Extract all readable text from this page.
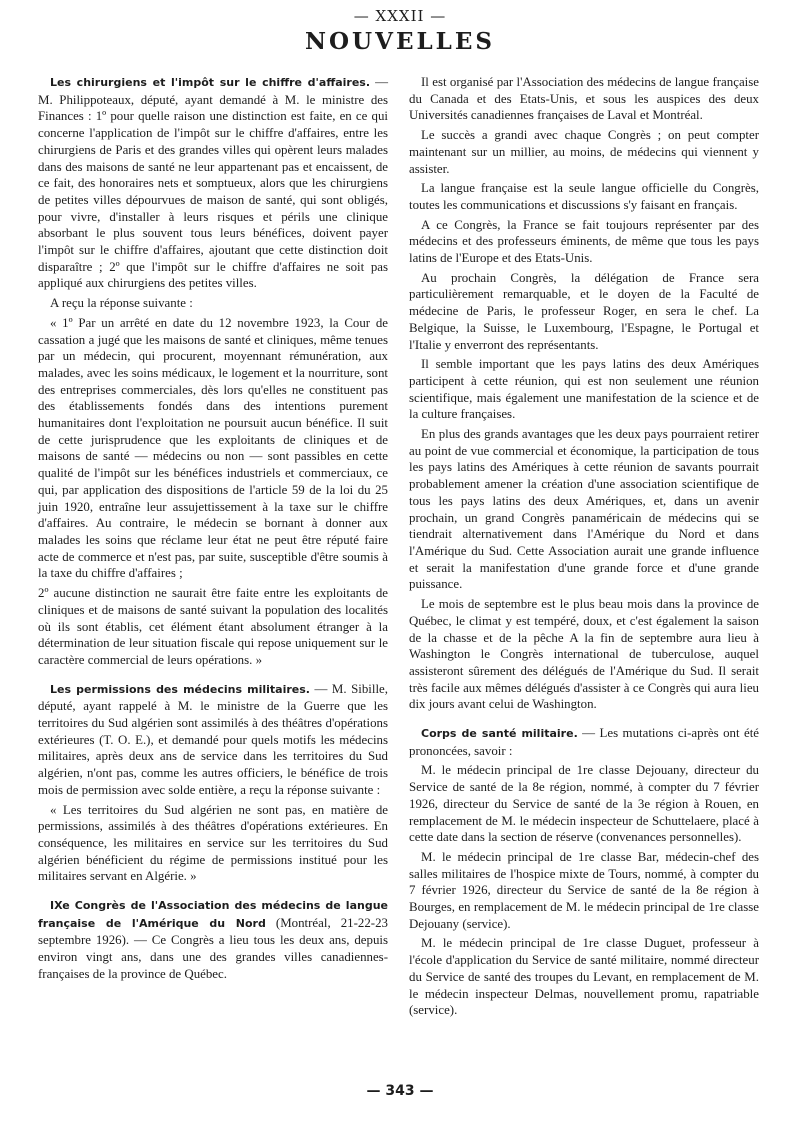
— XXXII —
NOUVELLES

Les chirurgiens et l'impôt sur le chiffre d'affaires. — M. Philippoteaux, député, ayant demandé à M. le ministre des Finances : 1º pour quelle raison une distinction est faite, en ce qui concerne l'application de l'impôt sur le chiffre d'affaires, entre les chirurgiens de Paris et des grandes villes qui opèrent leurs malades dans des maisons de santé ne leur appartenant pas et encaissent, de ce fait, des honoraires nets et somptueux, alors que les chirurgiens de petites villes dépourvues de maison de santé, qui sont obligés, pour vivre, d'installer à leurs risques et périls une clinique absorbant le plus souvent tous leurs bénéfices, doivent payer l'impôt sur le chiffre d'affaires, ajoutant que cette distinction doit disparaître ; 2º que l'impôt sur le chiffre d'affaires ne soit pas appliqué aux chirurgiens des petites villes.

A reçu la réponse suivante :

« 1º Par un arrêté en date du 12 novembre 1923, la Cour de cassation a jugé que les maisons de santé et cliniques, même tenues par un médecin, qui procurent, moyennant rémunération, aux malades, avec les soins médicaux, le logement et la nourriture, sont des entreprises commerciales, dès lors qu'elles ne constituent pas des établissements fondés dans des intentions purement humanitaires dont l'exploitation ne poursuit aucun bénéfice. Il suit de cette jurisprudence que les exploitants de cliniques et de maisons de santé — médecins ou non — sont passibles en cette qualité de l'impôt sur les bénéfices industriels et commerciaux, ce qui, par application des dispositions de l'article 59 de la loi du 25 juin 1920, entraîne leur assujettissement à la taxe sur le chiffre d'affaires. Au contraire, le médecin se bornant à donner aux malades les soins que réclame leur état ne peut être réputé faire acte de commerce et n'est pas, par suite, susceptible d'être soumis à la taxe du chiffre d'affaires ;

2º aucune distinction ne saurait être faite entre les exploitants de cliniques et de maisons de santé suivant la population des localités où ils sont établis, cet élément étant absolument étranger à la détermination de leur situation fiscale qui repose uniquement sur le caractère commercial de leurs opérations. »

Les permissions des médecins militaires. — M. Sibille, député, ayant rappelé à M. le ministre de la Guerre que les territoires du Sud algérien sont assimilés à des théâtres d'opérations extérieures (T. O. E.), et demandé pour quels motifs les médecins militaires, après deux ans de service dans les territoires du Sud algérien, n'ont pas, comme les autres officiers, le bénéfice de trois mois de permission avec solde entière, a reçu la réponse suivante :

« Les territoires du Sud algérien ne sont pas, en matière de permissions, assimilés à des théâtres d'opérations extérieures. En conséquence, les militaires en service sur les territoires du Sud algérien bénéficient du régime de permissions institué pour les militaires servant en Algérie. »

IXe Congrès de l'Association des médecins de langue française de l'Amérique du Nord (Montréal, 21-22-23 septembre 1926). — Ce Congrès a lieu tous les deux ans, depuis environ vingt ans, dans une des grandes villes canadiennes-françaises de la province de Québec.

Il est organisé par l'Association des médecins de langue française du Canada et des Etats-Unis, et sous les auspices des deux Universités canadiennes françaises de Laval et Montréal.

Le succès a grandi avec chaque Congrès ; on peut compter maintenant sur un millier, au moins, de médecins qui viennent y assister.

La langue française est la seule langue officielle du Congrès, toutes les communications et discussions s'y faisant en français.

A ce Congrès, la France se fait toujours représenter par des médecins et des professeurs éminents, de même que tous les pays latins de l'Europe et des Etats-Unis.

Au prochain Congrès, la délégation de France sera particulièrement remarquable, et le doyen de la Faculté de médecine de Paris, le professeur Roger, en sera le chef. La Belgique, la Suisse, le Luxembourg, l'Espagne, le Portugal et l'Italie y enverront des représentants.

Il semble important que les pays latins des deux Amériques participent à cette réunion, qui est non seulement une réunion scientifique, mais également une manifestation de la science et de la culture françaises.

En plus des grands avantages que les deux pays pourraient retirer au point de vue commercial et économique, la participation de tous les pays latins des Amériques à cette réunion de savants pourrait probablement amener la création d'une association scientifique de tous les pays latins des deux Amériques, et, dans un avenir prochain, un grand Congrès panaméricain de médecins qui se tiendrait alternativement dans l'Amérique du Nord et dans l'Amérique du Sud. Cette Association aurait une grande influence et serait la manifestation d'une grande force et d'une grande puissance.

Le mois de septembre est le plus beau mois dans la province de Québec, le climat y est tempéré, doux, et c'est également la saison de la chasse et de la pêche A la fin de septembre aura lieu à Washington le Congrès international de tuberculose, auquel assisteront sûrement des délégués de l'Amérique du Sud. Il serait très facile aux mêmes délégués d'assister à ce Congrès qui aura lieu dix jours avant celui de Washington.

Corps de santé militaire. — Les mutations ci-après ont été prononcées, savoir :

M. le médecin principal de 1re classe Dejouany, directeur du Service de santé de la 8e région, nommé, à compter du 7 février 1926, directeur du Service de santé de la 3e région à Rouen, en remplacement de M. le médecin inspecteur de Schuttelaere, placé à cette date dans la section de réserve (convenances personnelles).

M. le médecin principal de 1re classe Bar, médecin-chef des salles militaires de l'hospice mixte de Tours, nommé, à compter du 7 février 1926, directeur du Service de santé de la 8e région à Bourges, en remplacement de M. le médecin principal de 1re classe Dejouany (service).

M. le médecin principal de 1re classe Duguet, professeur à l'école d'application du Service de santé militaire, nommé directeur du Service de santé des troupes du Levant, en remplacement de M. le médecin inspecteur Delmas, nouvellement promu, rapatriable (service).

— 343 —
